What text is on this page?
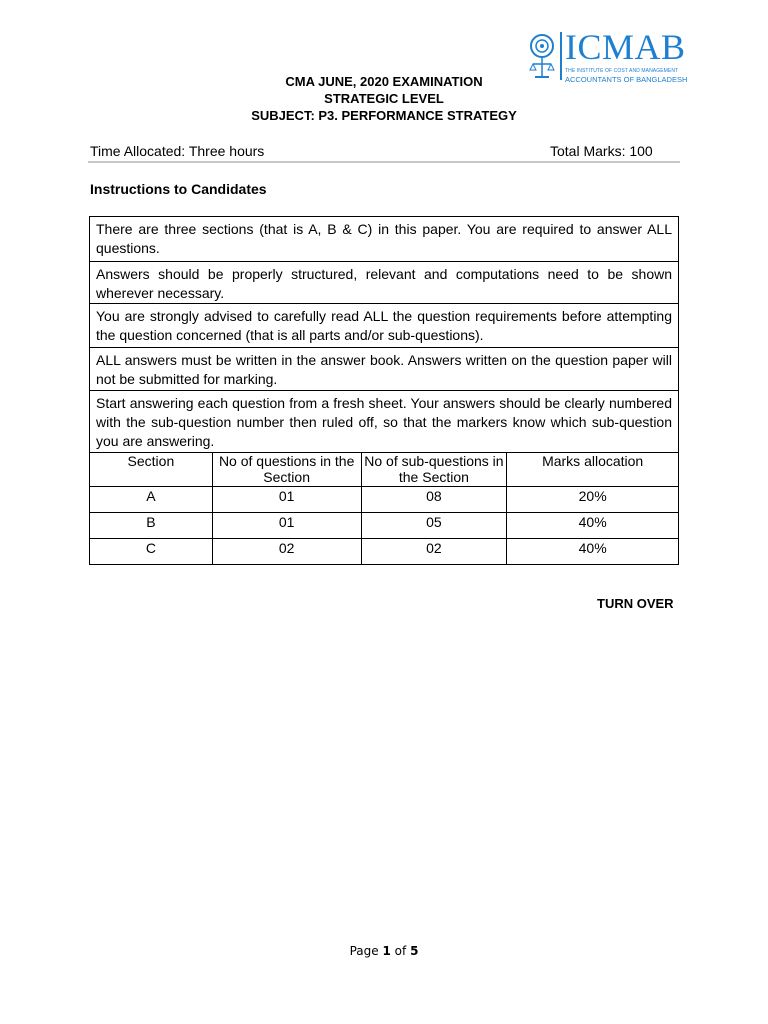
ICMAB
THE INSTITUTE OF COST AND MANAGEMENT
ACCOUNTANTS OF BANGLADESH
CMA JUNE, 2020 EXAMINATION
STRATEGIC LEVEL
SUBJECT: P3. PERFORMANCE STRATEGY
Time Allocated: Three hours	Total Marks: 100
Instructions to Candidates
There are three sections (that is A, B & C) in this paper. You are required to answer ALL questions.
Answers should be properly structured, relevant and computations need to be shown wherever necessary.
You are strongly advised to carefully read ALL the question requirements before attempting the question concerned (that is all parts and/or sub-questions).
ALL answers must be written in the answer book. Answers written on the question paper will not be submitted for marking.
Start answering each question from a fresh sheet. Your answers should be clearly numbered with the sub-question number then ruled off, so that the markers know which sub-question you are answering.
Section	No of questions in the Section	No of sub-questions in the Section	Marks allocation
A	01	08	20%
B	01	05	40%
C	02	02	40%
TURN OVER
Page 1 of 5
